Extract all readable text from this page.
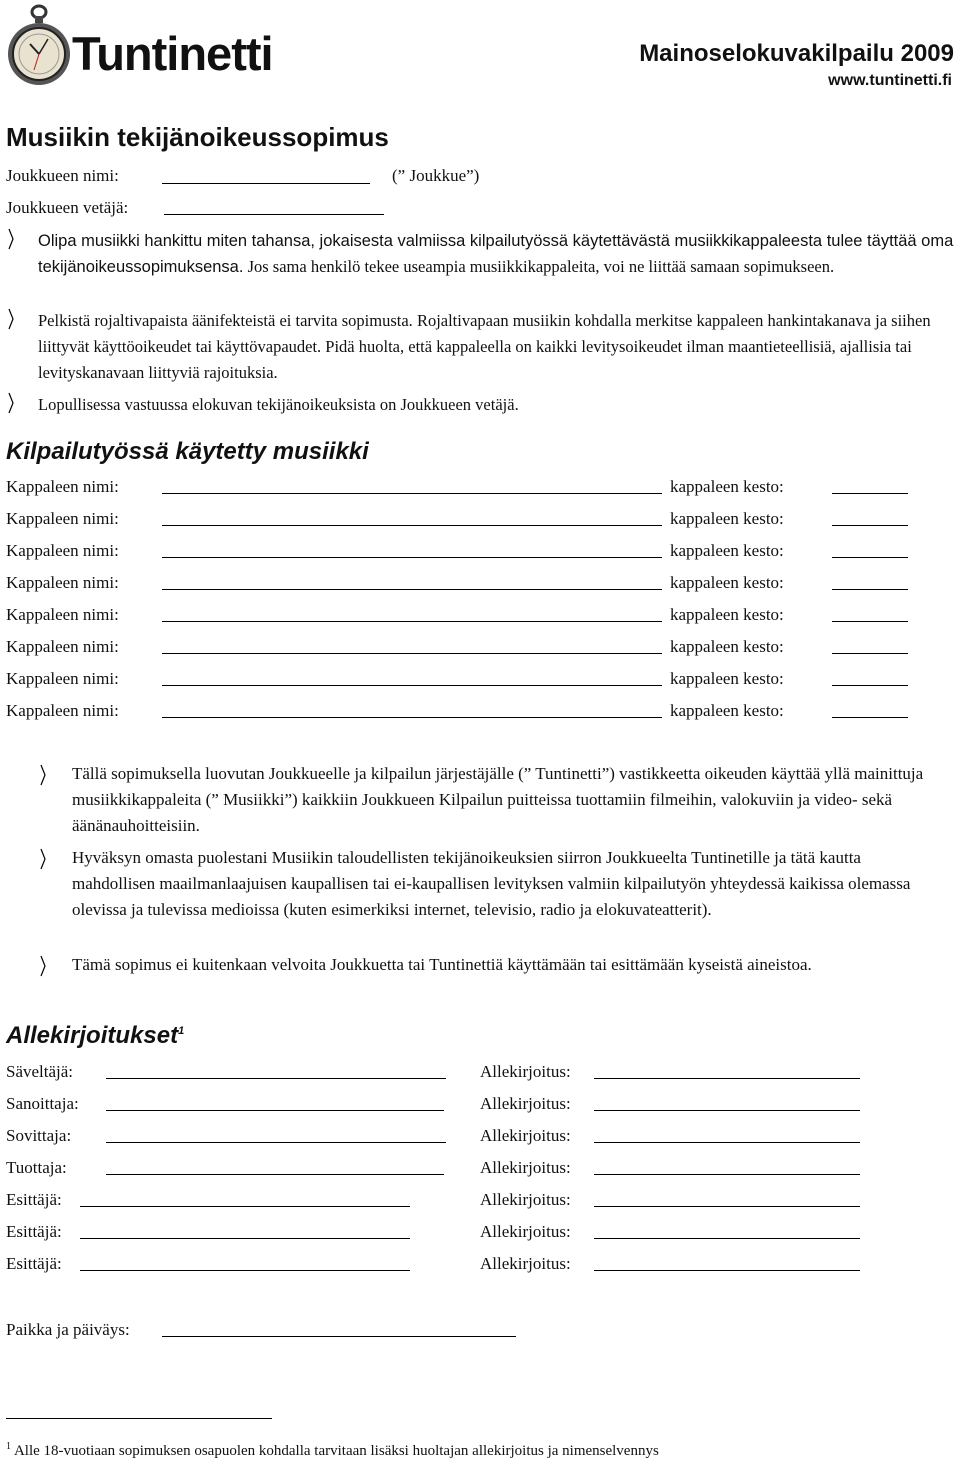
Tuntinetti	Mainoselokuvakilpailu 2009
www.tuntinetti.fi
Musiikin tekijänoikeussopimus
Joukkueen nimi:	(” Joukkue”)
Joukkueen vetäjä:
Olipa musiikki hankittu miten tahansa, jokaisesta valmiissa kilpailutyössä käytettävästä musiikkikappaleesta tulee täyttää oma tekijänoikeussopimuksensa. Jos sama henkilö tekee useampia musiikkikappaleita, voi ne liittää samaan sopimukseen.
Pelkistä rojaltivapaista äänifekteistä ei tarvita sopimusta. Rojaltivapaan musiikin kohdalla merkitse kappaleen hankintakanava ja siihen liittyvät käyttöoikeudet tai käyttövapaudet. Pidä huolta, että kappaleella on kaikki levitysoikeudet ilman maantieteellisiä, ajallisia tai levityskanavaan liittyviä rajoituksia.
Lopullisessa vastuussa elokuvan tekijänoikeuksista on Joukkueen vetäjä.
Kilpailutyössä käytetty musiikki
Kappaleen nimi:	kappaleen kesto:
Kappaleen nimi:	kappaleen kesto:
Kappaleen nimi:	kappaleen kesto:
Kappaleen nimi:	kappaleen kesto:
Kappaleen nimi:	kappaleen kesto:
Kappaleen nimi:	kappaleen kesto:
Kappaleen nimi:	kappaleen kesto:
Kappaleen nimi:	kappaleen kesto:
Tällä sopimuksella luovutan Joukkueelle ja kilpailun järjestäjälle (” Tuntinetti”) vastikkeetta oikeuden käyttää yllä mainittuja musiikkikappaleita (” Musiikki”) kaikkiin Joukkueen Kilpailun puitteissa tuottamiin filmeihin, valokuviin ja video- sekä äänänauhoitteisiin.
Hyväksyn omasta puolestani Musiikin taloudellisten tekijänoikeuksien siirron Joukkueelta Tuntinetille ja tätä kautta mahdollisen maailmanlaajuisen kaupallisen tai ei-kaupallisen levityksen valmiin kilpailutyön yhteydessä kaikissa olemassa olevissa ja tulevissa medioissa (kuten esimerkiksi internet, televisio, radio ja elokuvateatterit).
Tämä sopimus ei kuitenkaan velvoita Joukkuetta tai Tuntinettiä käyttämään tai esittämään kyseistä aineistoa.
Allekirjoitukset$^1$
Säveltäjä:	Allekirjoitus:
Sanoittaja:	Allekirjoitus:
Sovittaja:	Allekirjoitus:
Tuottaja:	Allekirjoitus:
Esittäjä:	Allekirjoitus:
Esittäjä:	Allekirjoitus:
Esittäjä:	Allekirjoitus:
Paikka ja päiväys:
$^1$ Alle 18-vuotiaan sopimuksen osapuolen kohdalla tarvitaan lisäksi huoltajan allekirjoitus ja nimenselvennys
